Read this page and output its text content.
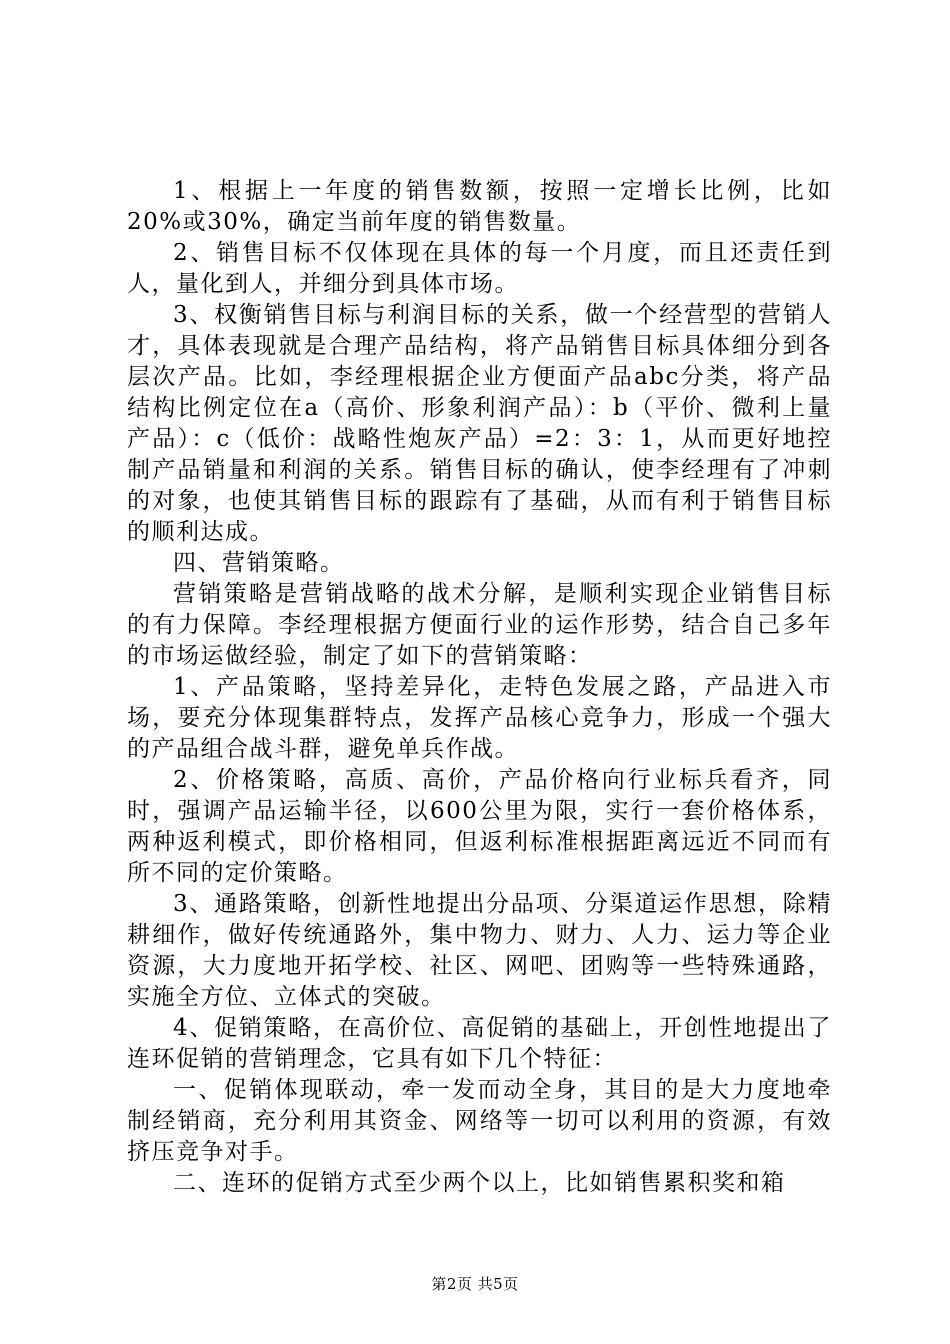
1、根据上一年度的销售数额，按照一定增长比例，比如20%或30%，确定当前年度的销售数量。

2、销售目标不仅体现在具体的每一个月度，而且还责任到人，量化到人，并细分到具体市场。

3、权衡销售目标与利润目标的关系，做一个经营型的营销人才，具体表现就是合理产品结构，将产品销售目标具体细分到各层次产品。比如，李经理根据企业方便面产品abc分类，将产品结构比例定位在a（高价、形象利润产品）：b（平价、微利上量产品）：c（低价：战略性炮灰产品）=2：3：1，从而更好地控制产品销量和利润的关系。销售目标的确认，使李经理有了冲刺的对象，也使其销售目标的跟踪有了基础，从而有利于销售目标的顺利达成。

四、营销策略。

营销策略是营销战略的战术分解，是顺利实现企业销售目标的有力保障。李经理根据方便面行业的运作形势，结合自己多年的市场运做经验，制定了如下的营销策略：

1、产品策略，坚持差异化，走特色发展之路，产品进入市场，要充分体现集群特点，发挥产品核心竞争力，形成一个强大的产品组合战斗群，避免单兵作战。

2、价格策略，高质、高价，产品价格向行业标兵看齐，同时，强调产品运输半径，以600公里为限，实行一套价格体系，两种返利模式，即价格相同，但返利标准根据距离远近不同而有所不同的定价策略。

3、通路策略，创新性地提出分品项、分渠道运作思想，除精耕细作，做好传统通路外，集中物力、财力、人力、运力等企业资源，大力度地开拓学校、社区、网吧、团购等一些特殊通路，实施全方位、立体式的突破。

4、促销策略，在高价位、高促销的基础上，开创性地提出了连环促销的营销理念，它具有如下几个特征：

一、促销体现联动，牵一发而动全身，其目的是大力度地牵制经销商，充分利用其资金、网络等一切可以利用的资源，有效挤压竞争对手。

二、连环的促销方式至少两个以上，比如销售累积奖和箱

第2页 共5页
